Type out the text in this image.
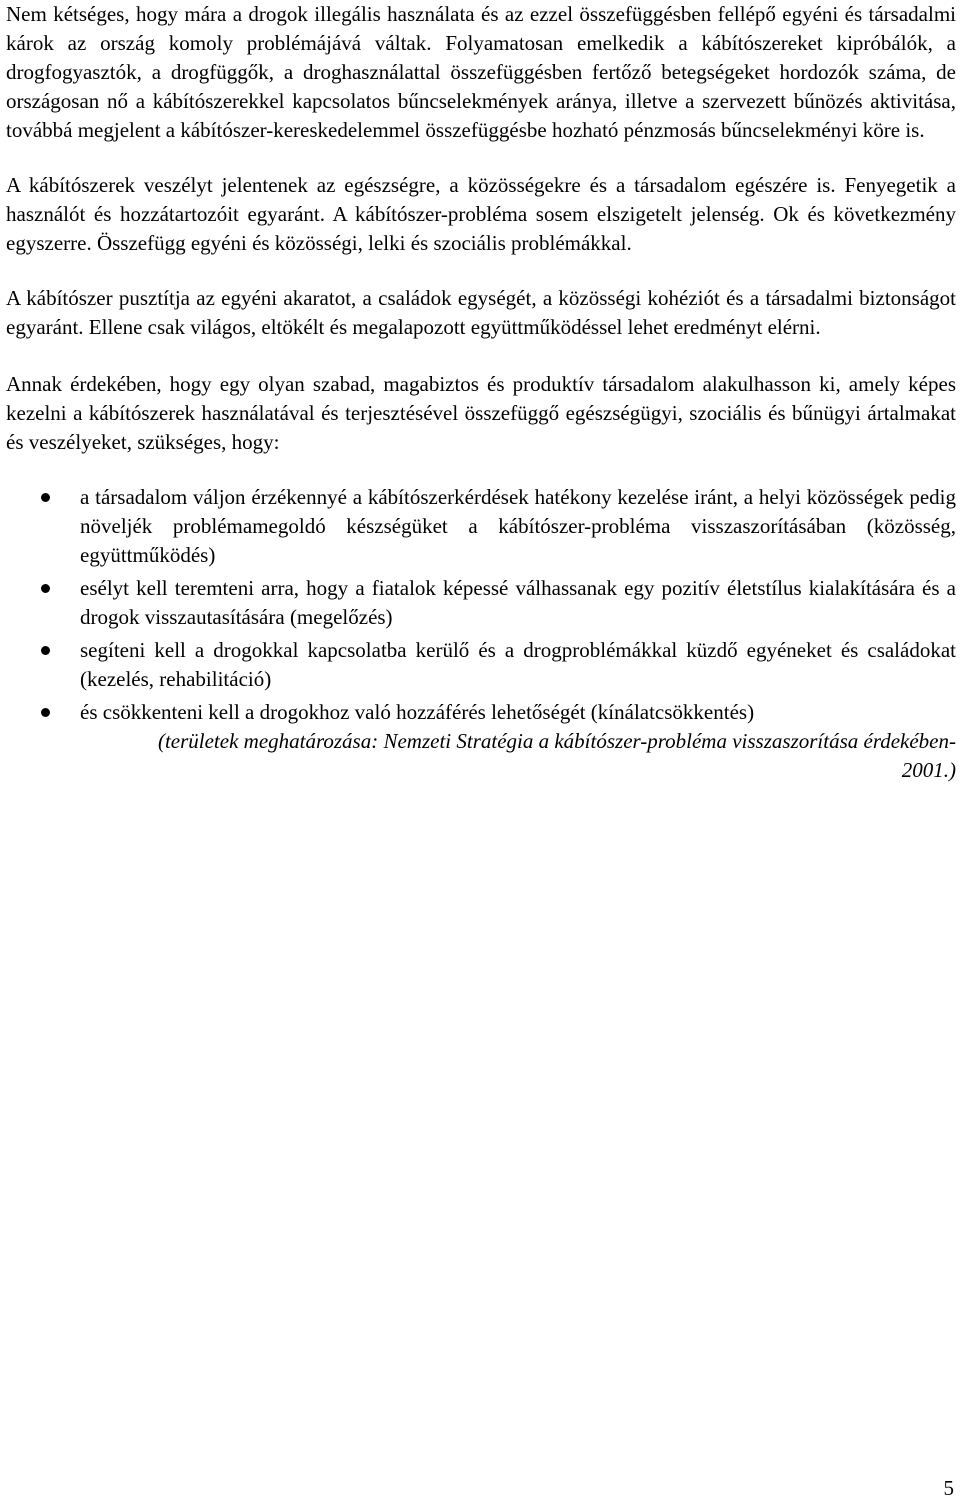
Nem kétséges, hogy mára a drogok illegális használata és az ezzel összefüggésben fellépő egyéni és társadalmi károk az ország komoly problémájává váltak. Folyamatosan emelkedik a kábítószereket kipróbálók, a drogfogyasztók, a drogfüggők, a droghasználattal összefüggésben fertőző betegségeket hordozók száma, de országosan nő a kábítószerekkel kapcsolatos bűncselekmények aránya, illetve a szervezett bűnözés aktivitása, továbbá megjelent a kábítószer-kereskedelemmel összefüggésbe hozható pénzmosás bűncselekményi köre is.

A kábítószerek veszélyt jelentenek az egészségre, a közösségekre és a társadalom egészére is. Fenyegetik a használót és hozzátartozóit egyaránt. A kábítószer-probléma sosem elszigetelt jelenség. Ok és következmény egyszerre. Összefügg egyéni és közösségi, lelki és szociális problémákkal.

A kábítószer pusztítja az egyéni akaratot, a családok egységét, a közösségi kohéziót és a társadalmi biztonságot egyaránt. Ellene csak világos, eltökélt és megalapozott együttműködéssel lehet eredményt elérni.

Annak érdekében, hogy egy olyan szabad, magabiztos és produktív társadalom alakulhasson ki, amely képes kezelni a kábítószerek használatával és terjesztésével összefüggő egészségügyi, szociális és bűnügyi ártalmakat és veszélyeket, szükséges, hogy:

a társadalom váljon érzékennyé a kábítószerkérdések hatékony kezelése iránt, a helyi közösségek pedig növeljék problémamegoldó készségüket a kábítószer-probléma visszaszorításában (közösség, együttműködés)
esélyt kell teremteni arra, hogy a fiatalok képessé válhassanak egy pozitív életstílus kialakítására és a drogok visszautasítására (megelőzés)
segíteni kell a drogokkal kapcsolatba kerülő és a drogproblémákkal küzdő egyéneket és családokat (kezelés, rehabilitáció)
és csökkenteni kell a drogokhoz való hozzáférés lehetőségét (kínálatcsökkentés)
(területek meghatározása: Nemzeti Stratégia a kábítószer-probléma visszaszorítása érdekében-2001.)
5
